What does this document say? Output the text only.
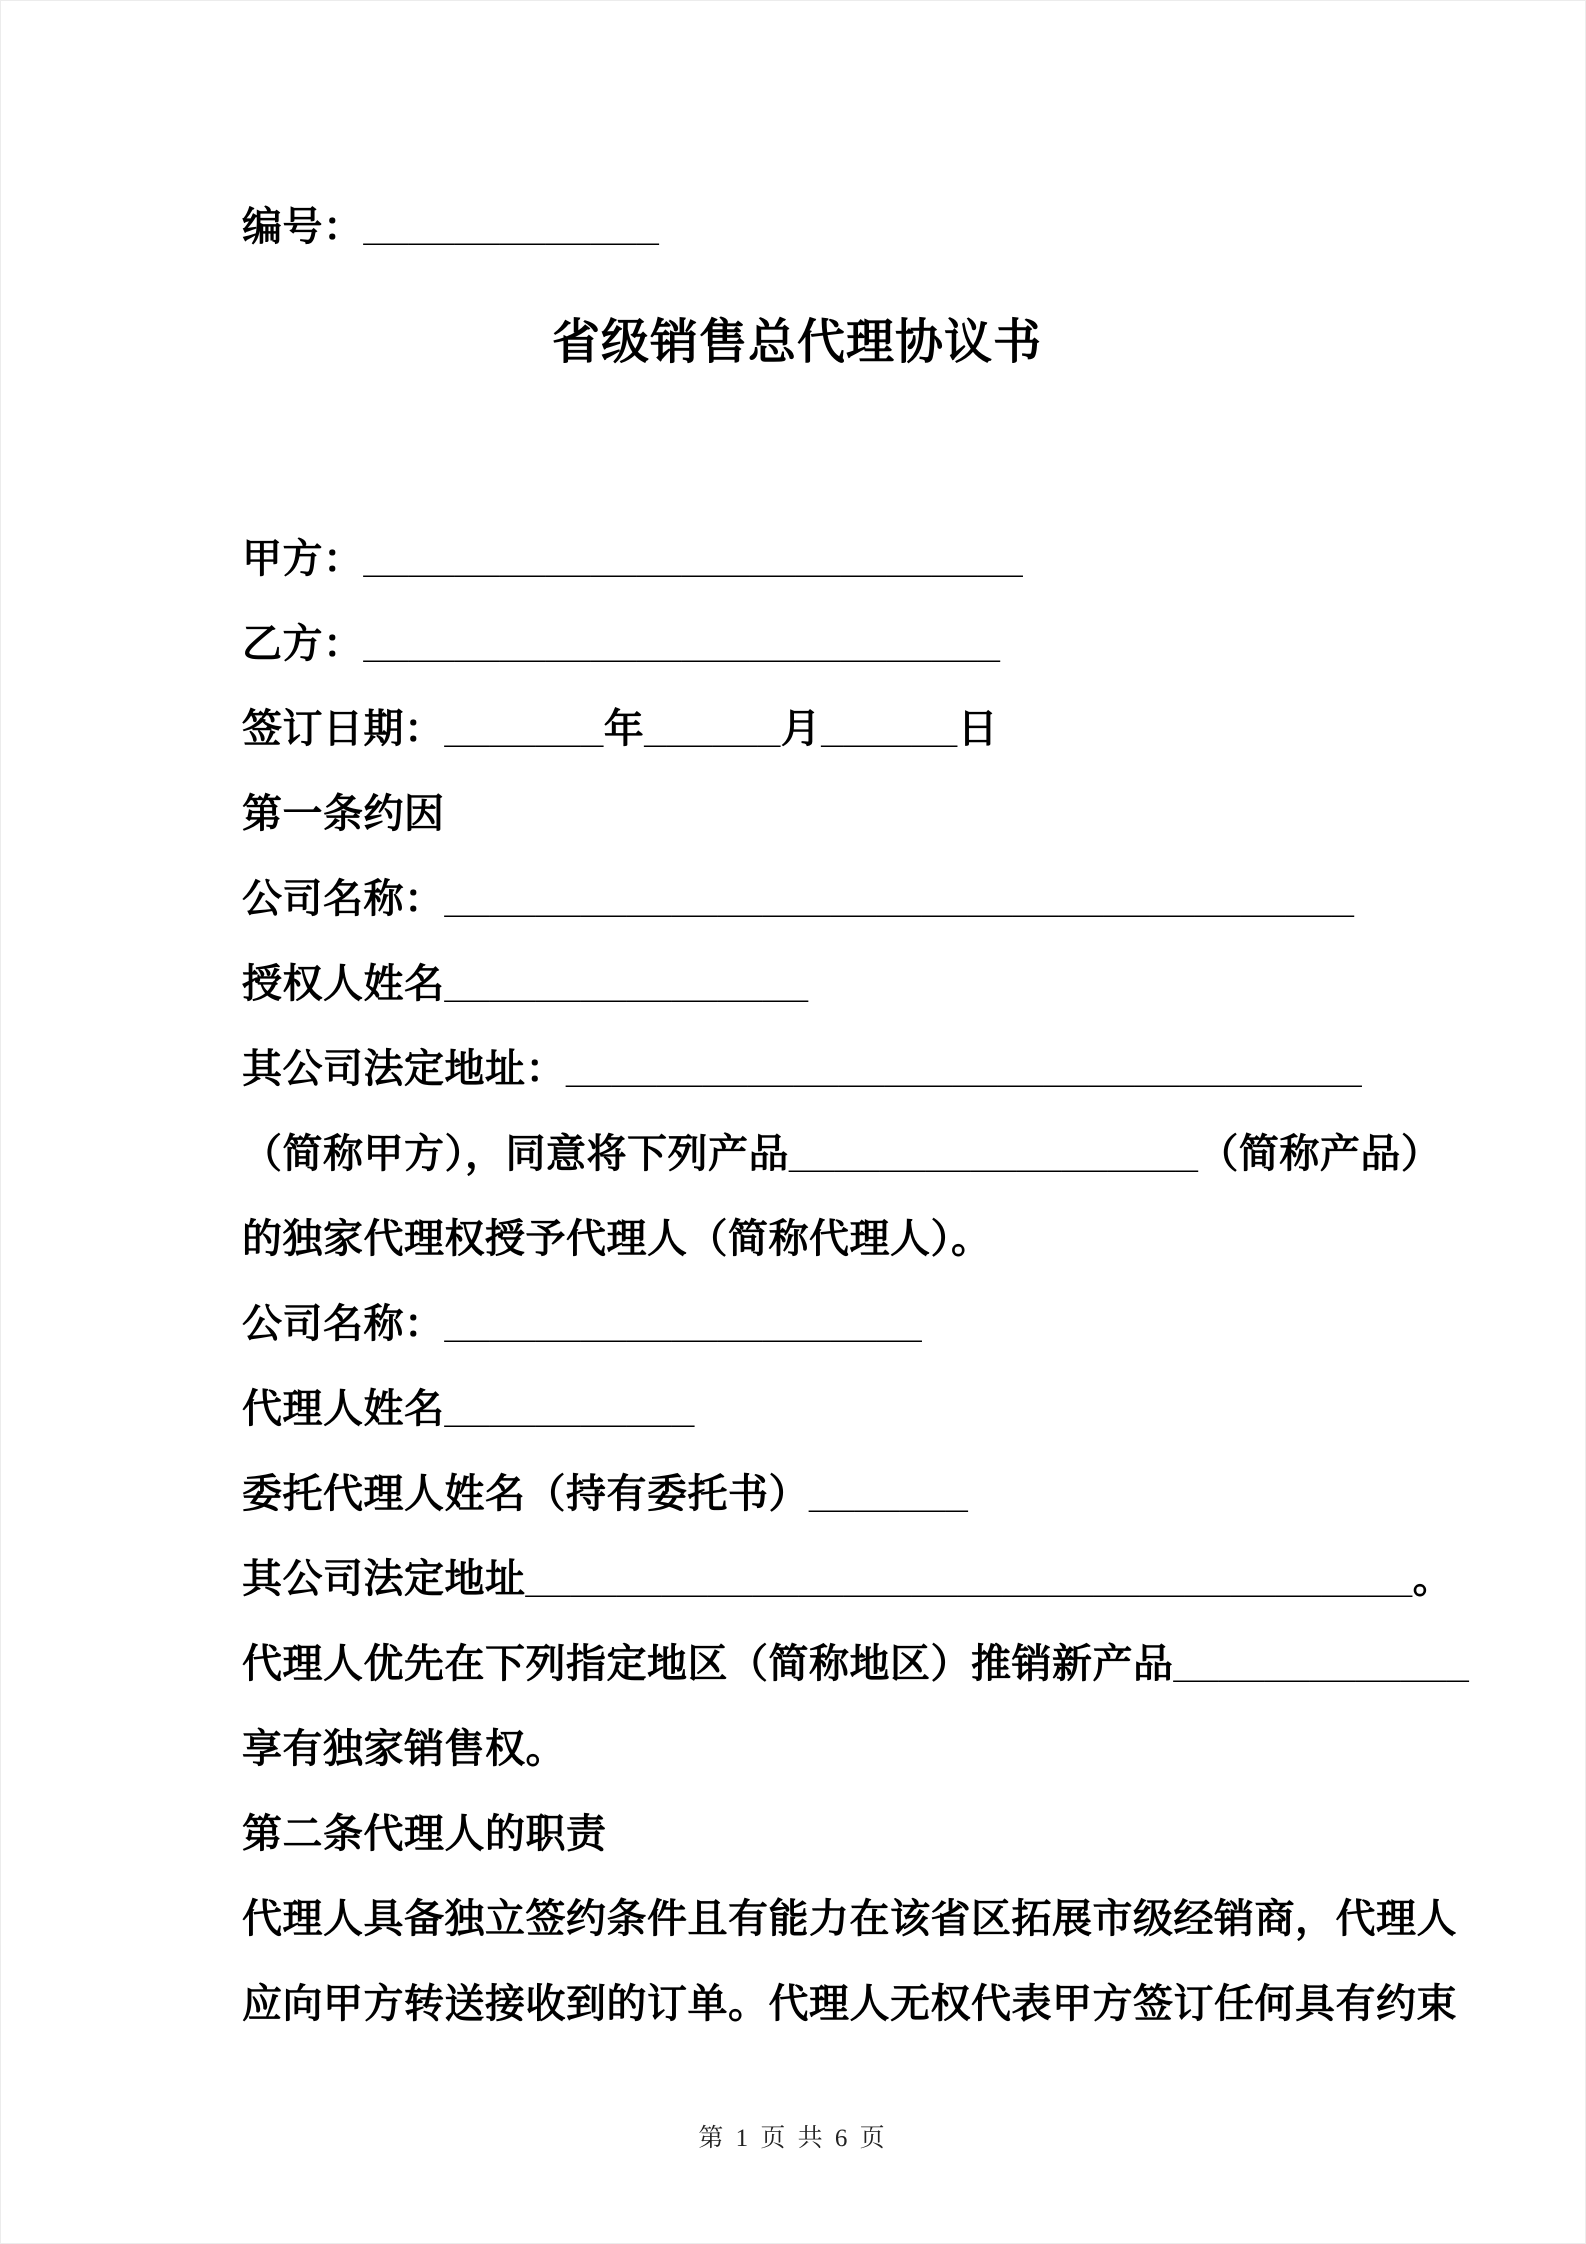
编号：_____________

省级销售总代理协议书

甲方：_____________________________

乙方：____________________________

签订日期：_______年______月______日

第一条约因

公司名称：________________________________________

授权人姓名________________

其公司法定地址：___________________________________

（简称甲方），同意将下列产品__________________（简称产品）

的独家代理权授予代理人（简称代理人）。

公司名称：_____________________

代理人姓名___________

委托代理人姓名（持有委托书）_______

其公司法定地址_______________________________________。

代理人优先在下列指定地区（简称地区）推销新产品_____________

享有独家销售权。

第二条代理人的职责

代理人具备独立签约条件且有能力在该省区拓展市级经销商，代理人

应向甲方转送接收到的订单。代理人无权代表甲方签订任何具有约束

第 1 页 共 6 页
